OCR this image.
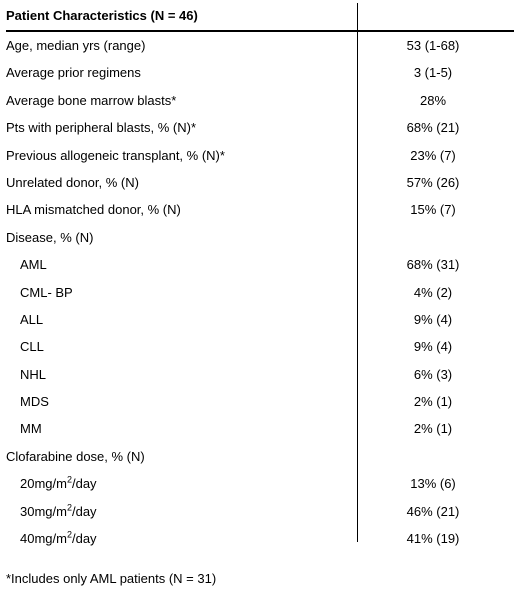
Patient Characteristics (N = 46)
Age, median yrs (range)	53 (1-68)
Average prior regimens	3 (1-5)
Average bone marrow blasts*	28%
Pts with peripheral blasts, % (N)*	68% (21)
Previous allogeneic transplant, % (N)*	23% (7)
Unrelated donor, % (N)	57% (26)
HLA mismatched donor, % (N)	15% (7)
Disease, % (N)
AML	68% (31)
CML- BP	4% (2)
ALL	9% (4)
CLL	9% (4)
NHL	6% (3)
MDS	2% (1)
MM	2% (1)
Clofarabine dose, % (N)
$20mg/m^2$/day	13% (6)
$30mg/m^2$/day	46% (21)
$40mg/m^2$/day	41% (19)
*Includes only AML patients (N = 31)
